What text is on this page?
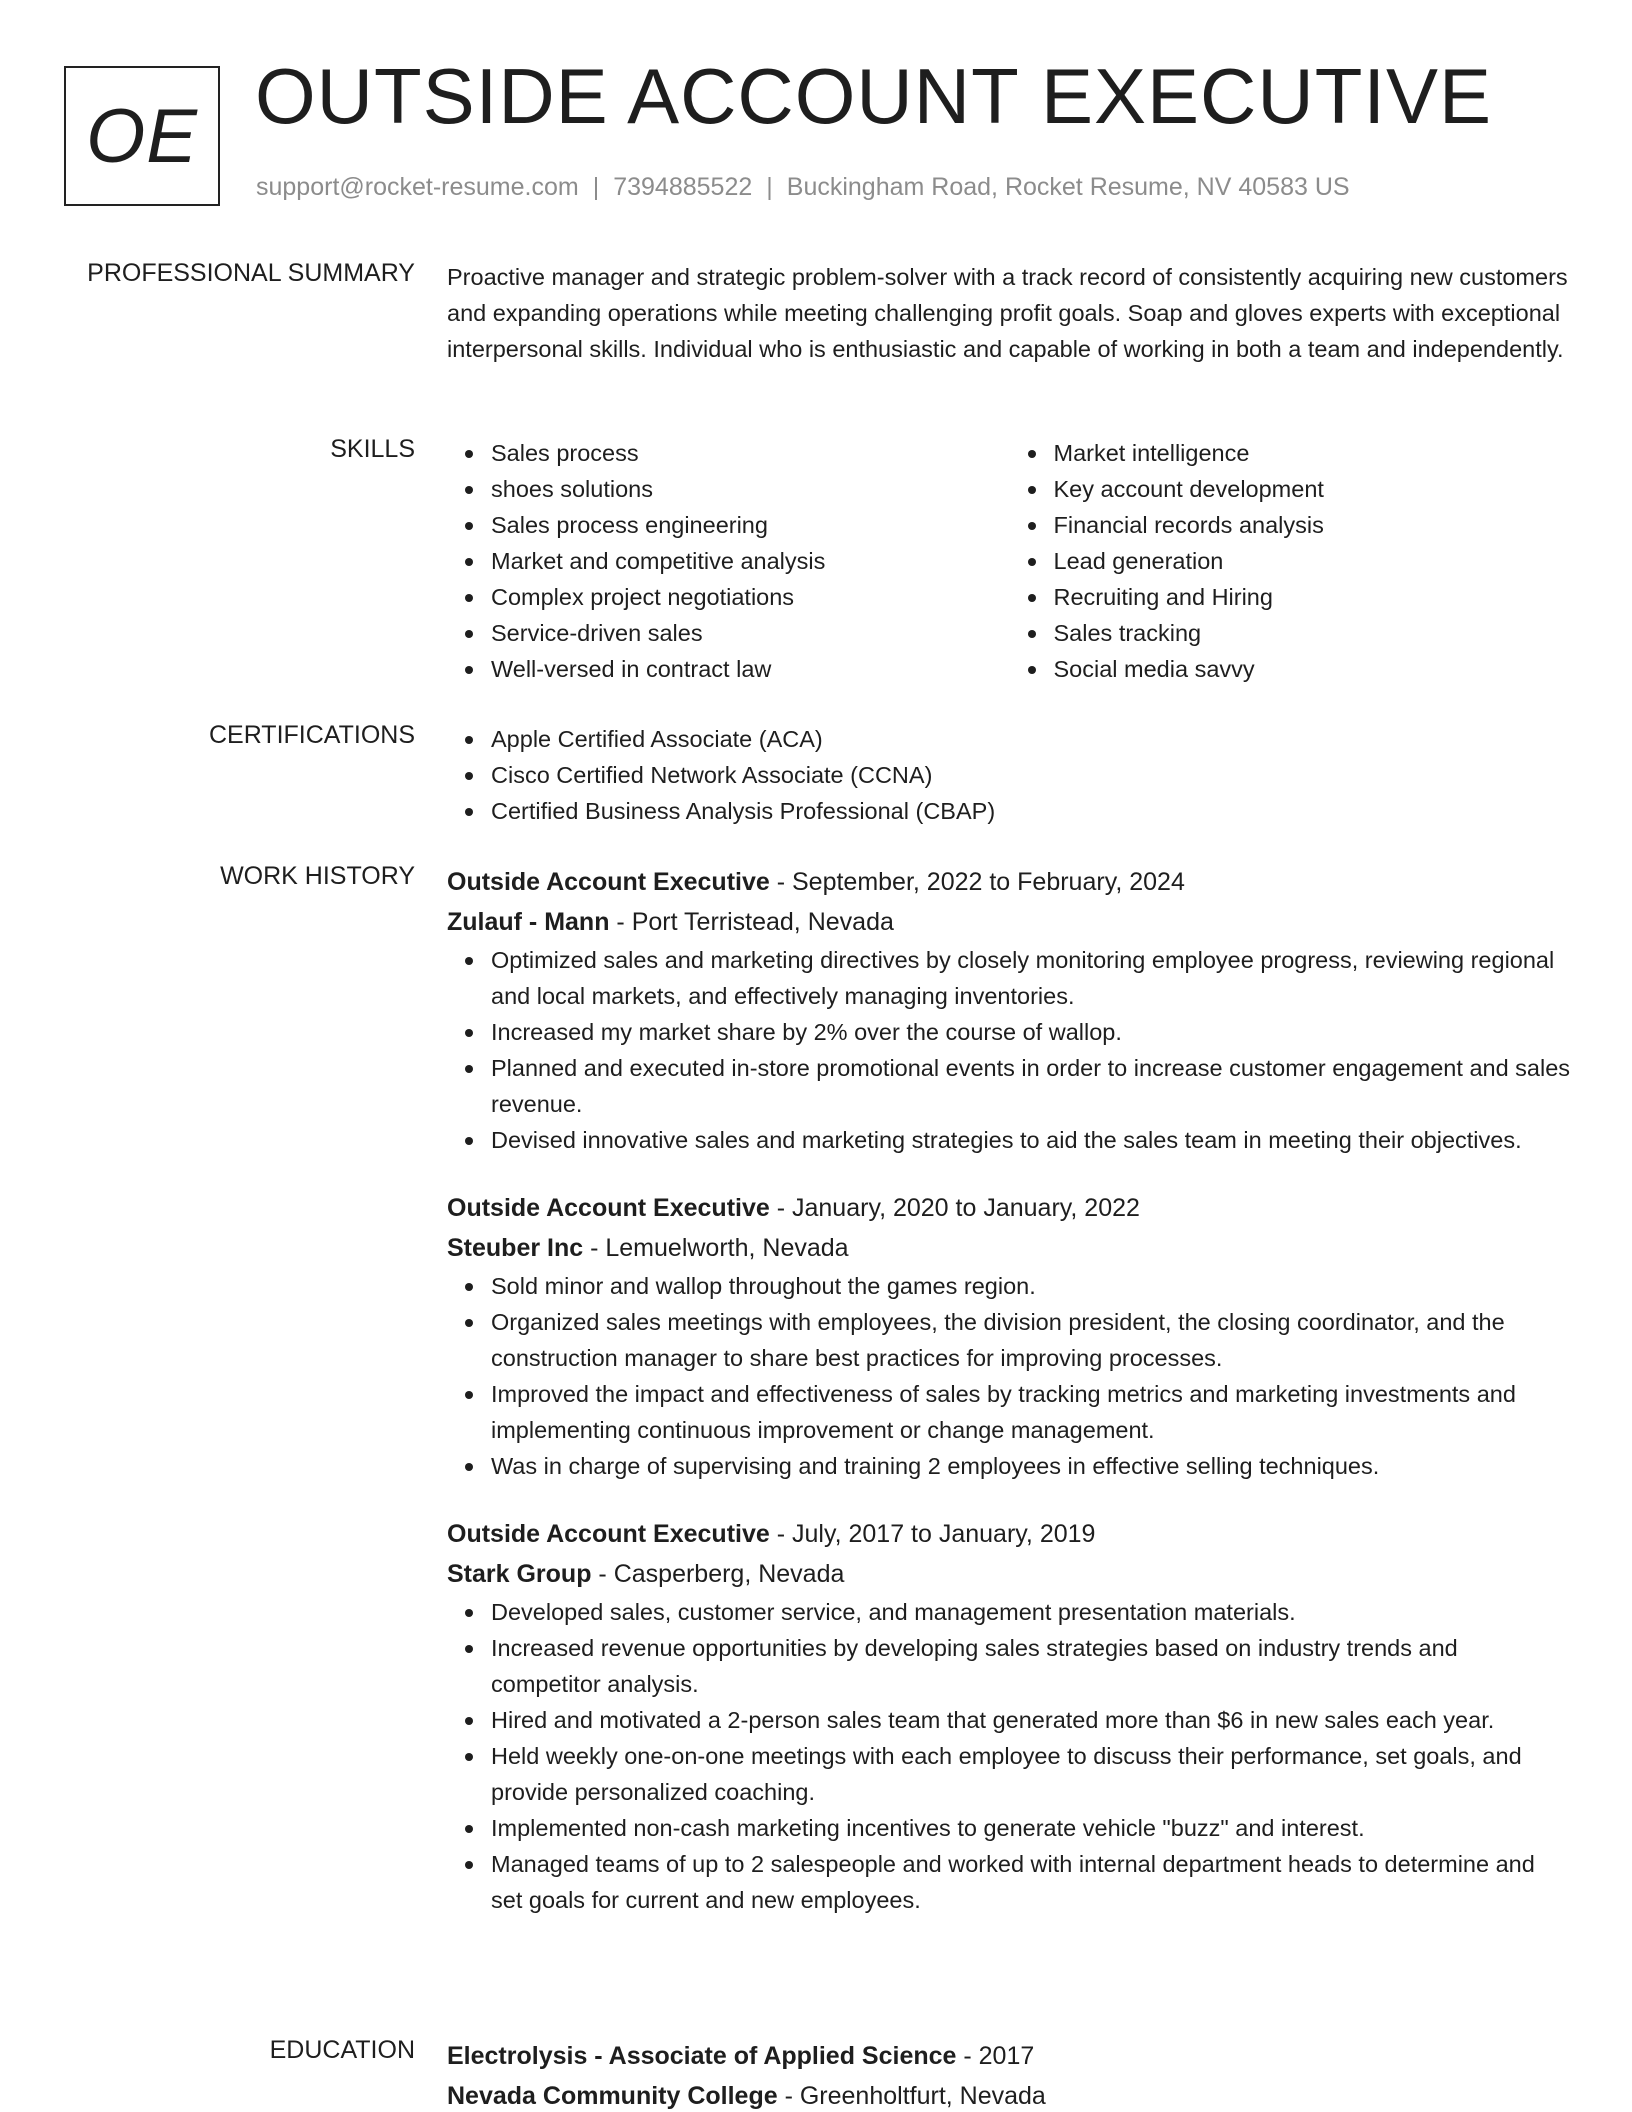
OE OUTSIDE ACCOUNT EXECUTIVE
support@rocket-resume.com | 7394885522 | Buckingham Road, Rocket Resume, NV 40583 US
PROFESSIONAL SUMMARY Proactive manager and strategic problem-solver with a track record of consistently acquiring new customers and expanding operations while meeting challenging profit goals. Soap and gloves experts with exceptional interpersonal skills. Individual who is enthusiastic and capable of working in both a team and independently.

SKILLS	Sales process
shoes solutions
Sales process engineering
Market and competitive analysis
Complex project negotiations
Service-driven sales
Well-versed in contract law
Market intelligence
Key account development
Financial records analysis
Lead generation
Recruiting and Hiring
Sales tracking
Social media savvy
CERTIFICATIONS	Apple Certified Associate (ACA)
Cisco Certified Network Associate (CCNA)
Certified Business Analysis Professional (CBAP)
WORK HISTORY Outside Account Executive - September, 2022 to February, 2024
Zulauf - Mann - Port Terristead, Nevada
Optimized sales and marketing directives by closely monitoring employee progress, reviewing regional and local markets, and effectively managing inventories.
Increased my market share by 2% over the course of wallop.
Planned and executed in-store promotional events in order to increase customer engagement and sales revenue.
Devised innovative sales and marketing strategies to aid the sales team in meeting their objectives.
Outside Account Executive - January, 2020 to January, 2022
Steuber Inc - Lemuelworth, Nevada
Sold minor and wallop throughout the games region.
Organized sales meetings with employees, the division president, the closing coordinator, and the construction manager to share best practices for improving processes.
Improved the impact and effectiveness of sales by tracking metrics and marketing investments and implementing continuous improvement or change management.
Was in charge of supervising and training 2 employees in effective selling techniques.
Outside Account Executive - July, 2017 to January, 2019
Stark Group - Casperberg, Nevada
Developed sales, customer service, and management presentation materials.
Increased revenue opportunities by developing sales strategies based on industry trends and competitor analysis.
Hired and motivated a 2-person sales team that generated more than $6 in new sales each year.
Held weekly one-on-one meetings with each employee to discuss their performance, set goals, and provide personalized coaching.
Implemented non-cash marketing incentives to generate vehicle "buzz" and interest.
Managed teams of up to 2 salespeople and worked with internal department heads to determine and set goals for current and new employees.
EDUCATION Electrolysis - Associate of Applied Science - 2017
Nevada Community College - Greenholtfurt, Nevada
